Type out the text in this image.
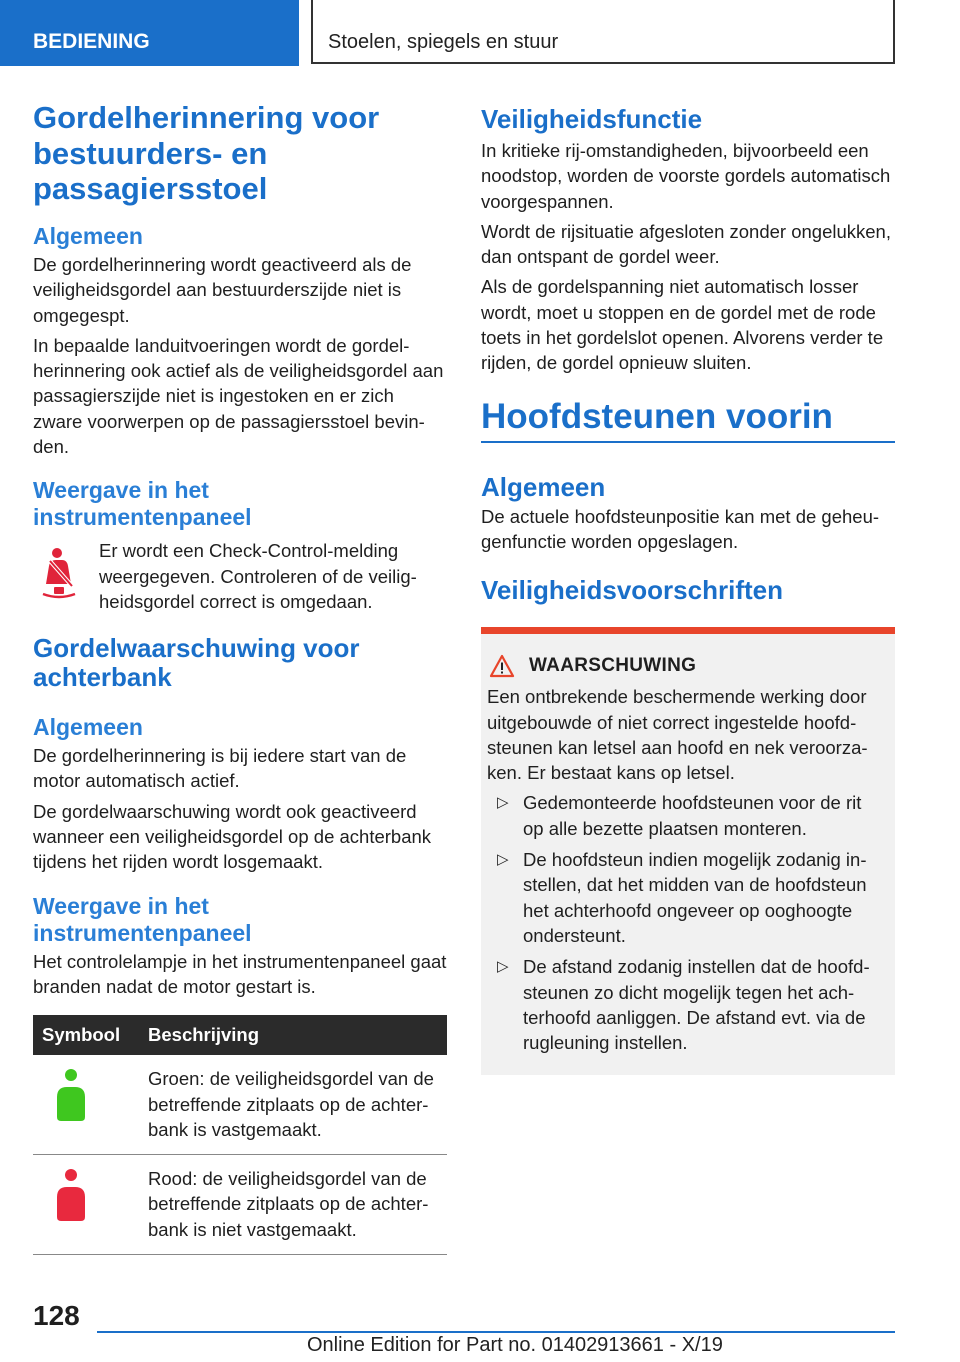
BEDIENING	Stoelen, spiegels en stuur
Gordelherinnering voor
bestuurders- en passagiersstoel
Algemeen

De gordelherinnering wordt geactiveerd als de veiligheidsgordel aan bestuurderszijde niet is omgegespt.

In bepaalde landuitvoeringen wordt de gordelherinnering ook actief als de veiligheidsgordel aan passagierszijde niet is ingestoken en er zich zware voorwerpen op de passagiersstoel bevinden.

Weergave in het
instrumentenpaneel

Er wordt een Check-Control-melding weergegeven. Controleren of de veiligheidsgordel correct is omgedaan.

Gordelwaarschuwing voor
achterbank
Algemeen

De gordelherinnering is bij iedere start van de motor automatisch actief.

De gordelwaarschuwing wordt ook geactiveerd wanneer een veiligheidsgordel op de achterbank tijdens het rijden wordt losgemaakt.

Weergave in het
instrumentenpaneel

Het controlelampje in het instrumentenpaneel gaat branden nadat de motor gestart is.

Symbool	Beschrijving
	Groen: de veiligheidsgordel van de betreffende zitplaats op de achterbank is vastgemaakt.
	Rood: de veiligheidsgordel van de betreffende zitplaats op de achterbank is niet vastgemaakt.
Veiligheidsfunctie

In kritieke rij-omstandigheden, bijvoorbeeld een noodstop, worden de voorste gordels automatisch voorgespannen.

Wordt de rijsituatie afgesloten zonder ongelukken, dan ontspant de gordel weer.

Als de gordelspanning niet automatisch losser wordt, moet u stoppen en de gordel met de rode toets in het gordelslot openen. Alvorens verder te rijden, de gordel opnieuw sluiten.

Hoofdsteunen voorin
Algemeen

De actuele hoofdsteunpositie kan met de geheugenfunctie worden opgeslagen.

Veiligheidsvoorschriften
WAARSCHUWING

Een ontbrekende beschermende werking door uitgebouwde of niet correct ingestelde hoofdsteunen kan letsel aan hoofd en nek veroorzaken. Er bestaat kans op letsel.

▷ Gedemonteerde hoofdsteunen voor de rit op alle bezette plaatsen monteren.
▷ De hoofdsteun indien mogelijk zodanig instellen, dat het midden van de hoofdsteun het achterhoofd ongeveer op ooghoogte ondersteunt.
▷ De afstand zodanig instellen dat de hoofdsteunen zo dicht mogelijk tegen het achterhoofd aanliggen. De afstand evt. via de rugleuning instellen.
128
Online Edition for Part no. 01402913661 - X/19
